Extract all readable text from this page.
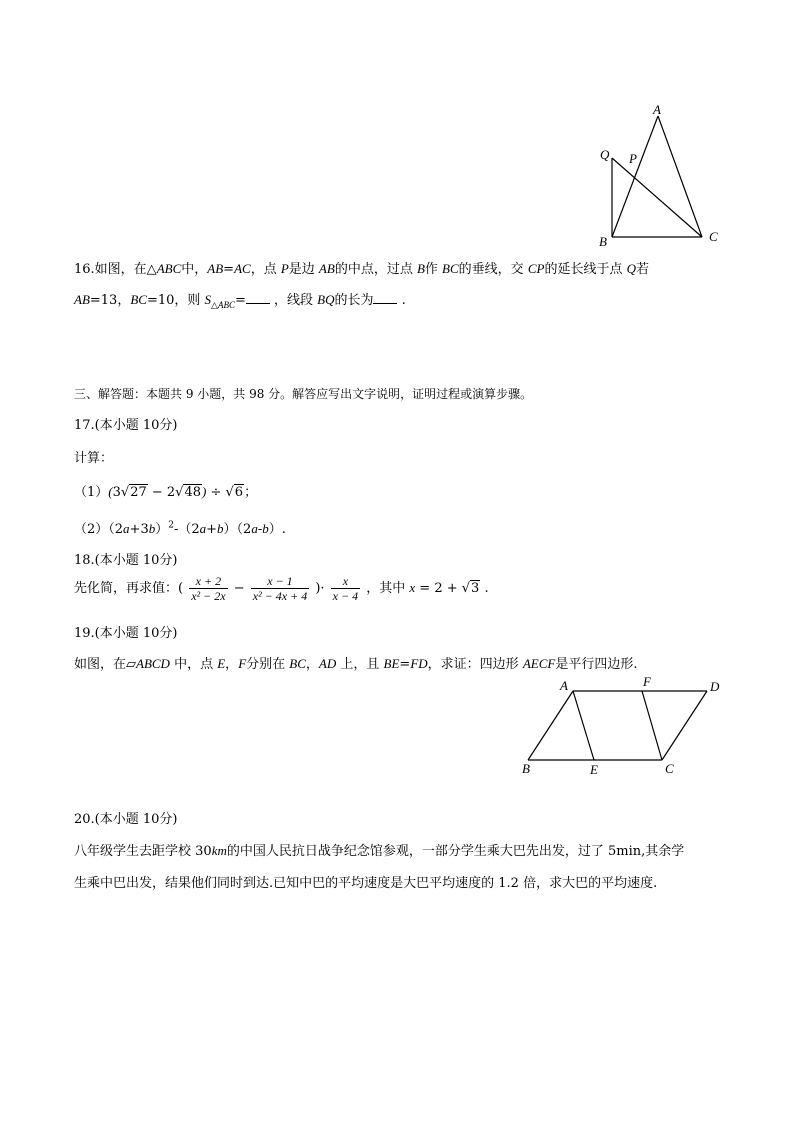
A
Q P
B	C
16.如图，在△ABC中，AB=AC，点 P是边 AB的中点，过点 B作 BC的垂线，交 CP的延长线于点 Q若
AB=13，BC=10，则 $S_{\triangle ABC}=$ ，线段 BQ的长为 .
三、解答题：本题共 9 小题，共 98 分。解答应写出文字说明，证明过程或演算步骤。
17.(本小题 10分)
计算：
（1）(3√27 − 2√48) ÷ √6；
$(2)(2a+3b)^2-(2a+b)(2a-b)$.
18.(本小题 10分)
先化简，再求值：( $\frac{x + 2}{\text{x² − 2x}} - \frac{x - 1}{\text{x² − 4x + 4}}$ )· $\frac{x}{x - 4}$ ，其中 x = 2 + √3 .
19.(本小题 10分)
如图，在▱ABCD 中，点 E，F分别在 BC，AD 上，且 BE=FD，求证：四边形 AECF是平行四边形.
A	F	D
B	E	C
20.(本小题 10分)
八年级学生去距学校 30km的中国人民抗日战争纪念馆参观，一部分学生乘大巴先出发，过了 5min,其余学
生乘中巴出发，结果他们同时到达.已知中巴的平均速度是大巴平均速度的 1.2 倍，求大巴的平均速度.
